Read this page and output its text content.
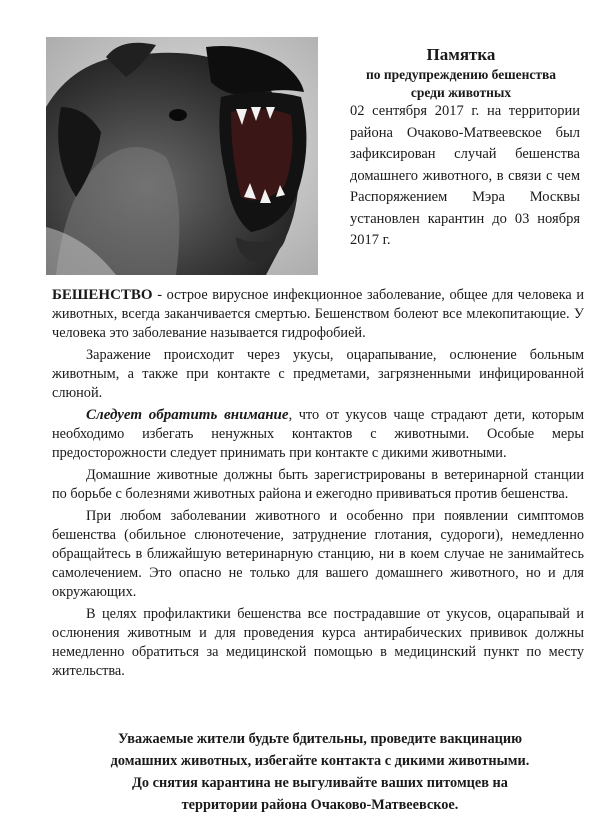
Памятка
по предупреждению бешенства
среди животных
02 сентября 2017 г. на территории района Очаково-Матвеевское был зафиксирован случай бешенства домашнего животного, в связи с чем Распоряжением Мэра Москвы установлен карантин до 03 ноября 2017 г.

БЕШЕНСТВО - острое вирусное инфекционное заболевание, общее для человека и животных, всегда заканчивается смертью. Бешенством болеют все млекопитающие. У человека это заболевание называется гидрофобией.

Заражение происходит через укусы, оцарапывание, ослюнение больным животным, а также при контакте с предметами, загрязненными инфицированной слюной.

Следует обратить внимание, что от укусов чаще страдают дети, которым необходимо избегать ненужных контактов с животными. Особые меры предосторожности следует принимать при контакте с дикими животными.

Домашние животные должны быть зарегистрированы в ветеринарной станции по борьбе с болезнями животных района и ежегодно прививаться против бешенства.

При любом заболевании животного и особенно при появлении симптомов бешенства (обильное слюнотечение, затруднение глотания, судороги), немедленно обращайтесь в ближайшую ветеринарную станцию, ни в коем случае не занимайтесь самолечением. Это опасно не только для вашего домашнего животного, но и для окружающих.

В целях профилактики бешенства все пострадавшие от укусов, оцарапывай и ослюнения животным и для проведения курса антирабических прививок должны немедленно обратиться за медицинской помощью в медицинский пункт по месту жительства.

Уважаемые жители будьте бдительны, проведите вакцинацию
домашних животных, избегайте контакта с дикими животными.
До снятия карантина не выгуливайте ваших питомцев на
территории района Очаково-Матвеевское.
